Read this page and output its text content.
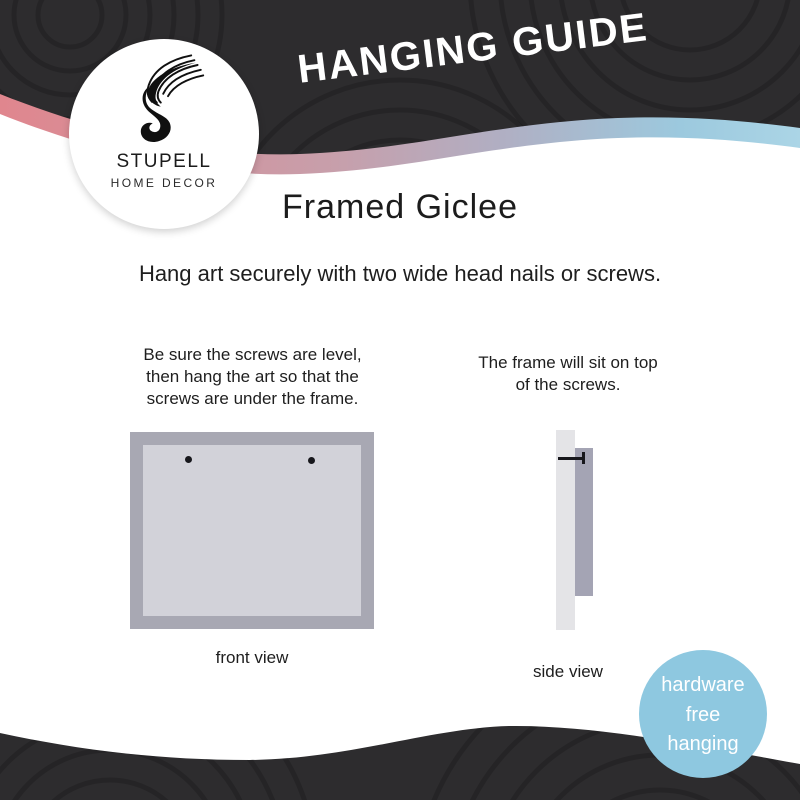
HANGING GUIDE
STUPELL
HOME DECOR
Framed Giclee
Hang art securely with two wide head nails or screws.
Be sure the screws are level,
then hang the art so that the
screws are under the frame.
front view
The frame will sit on top
of the screws.
side view
hardware
free
hanging
